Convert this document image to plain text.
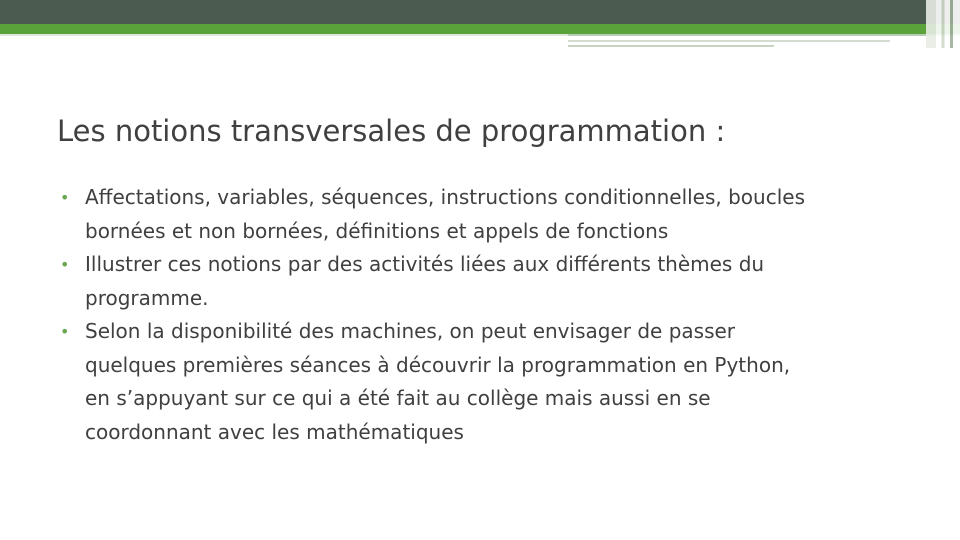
Les notions transversales de programmation :
• Affectations, variables, séquences, instructions conditionnelles, boucles
bornées et non bornées, définitions et appels de fonctions
• Illustrer ces notions par des activités liées aux différents thèmes du
programme.
• Selon la disponibilité des machines, on peut envisager de passer
quelques premières séances à découvrir la programmation en Python,
en s’appuyant sur ce qui a été fait au collège mais aussi en se
coordonnant avec les mathématiques
